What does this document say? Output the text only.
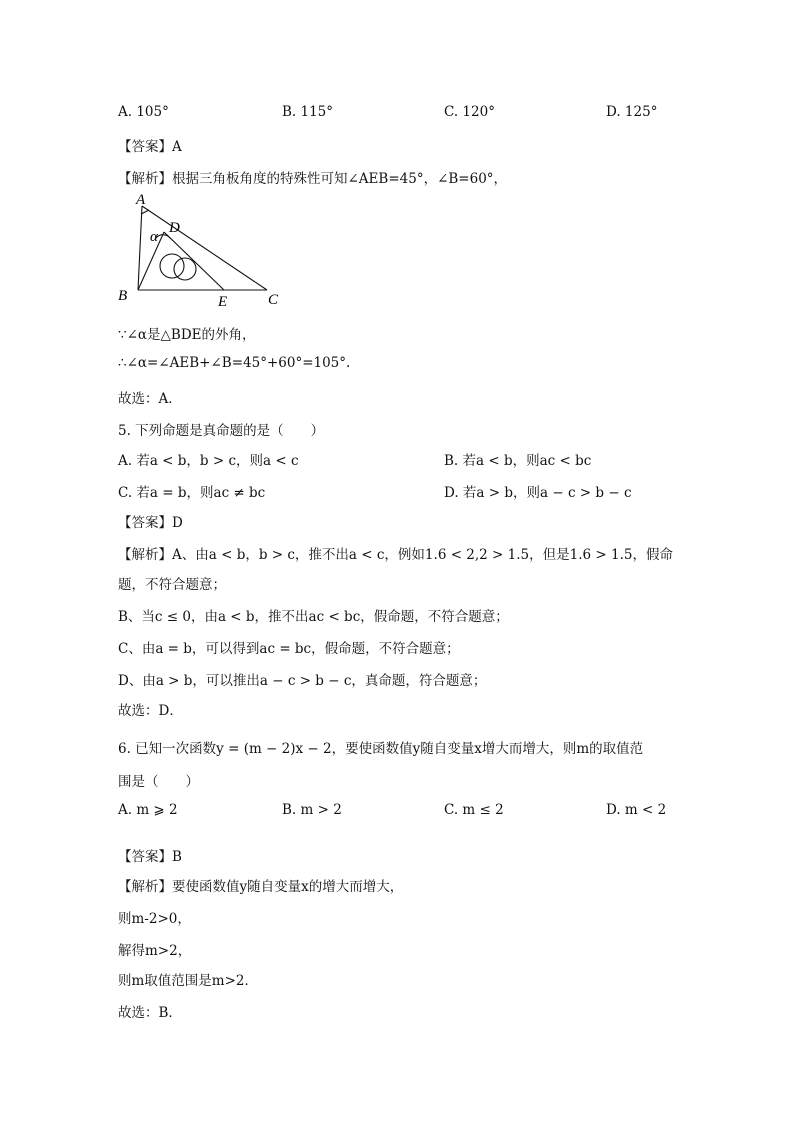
A. 105°	B. 115°	C. 120°	D. 125°
【答案】A
【解析】根据三角板角度的特殊性可知∠AEB=45°，∠B=60°，
A
D
α
B	E	C
∵∠α是△BDE的外角，
∴∠α=∠AEB+∠B=45°+60°=105°.
故选：A．
5. 下列命题是真命题的是（　　）
A. 若a < b，b > c，则a < c	B. 若a < b，则ac < bc
C. 若a = b，则ac ≠ bc	D. 若a > b，则a − c > b − c
【答案】D
【解析】A、由a < b，b > c，推不出a < c，例如1.6 < 2,2 > 1.5，但是1.6 > 1.5，假命
题，不符合题意；
B、当c ≤ 0，由a < b，推不出ac < bc，假命题，不符合题意；
C、由a = b，可以得到ac = bc，假命题，不符合题意；
D、由a > b，可以推出a − c > b − c，真命题，符合题意；
故选：D．
6. 已知一次函数y = (m − 2)x − 2，要使函数值y随自变量x增大而增大，则m的取值范
围是（　　）
A. m ⩾ 2	B. m > 2	C. m ≤ 2	D. m < 2
【答案】B
【解析】要使函数值y随自变量x的增大而增大，
则m-2>0，
解得m>2，
则m取值范围是m>2．
故选：B．
